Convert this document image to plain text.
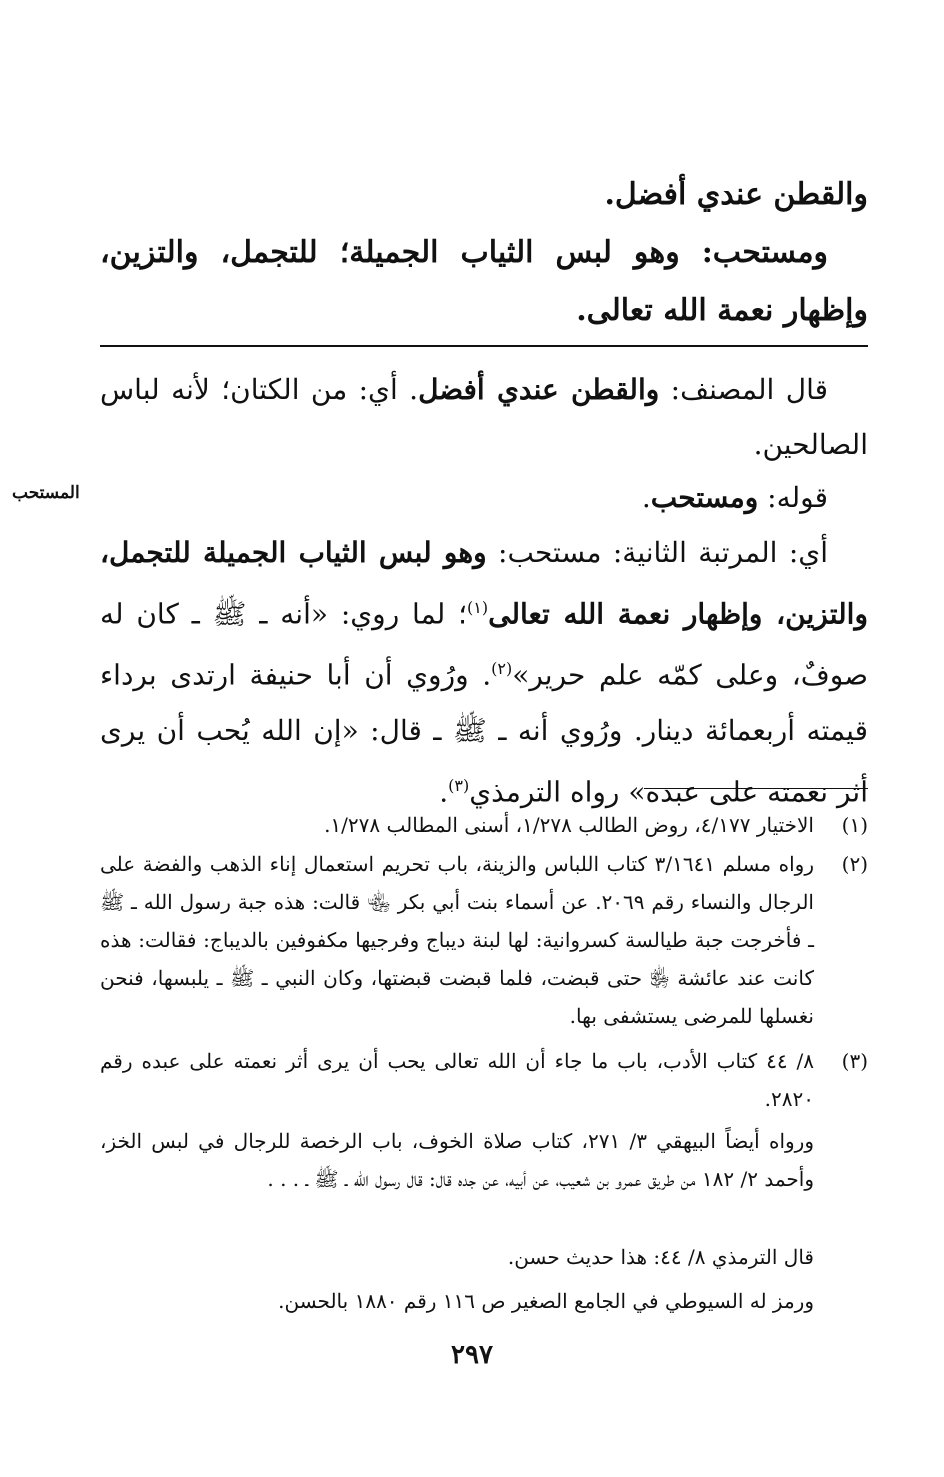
والقطن عندي أفضل.
ومستحب: وهو لبس الثياب الجميلة؛ للتجمل، والتزين، وإظهار نعمة الله تعالى.
قال المصنف: والقطن عندي أفضل. أي: من الكتان؛ لأنه لباس الصالحين.
قوله: ومستحب.
المستحب
أي: المرتبة الثانية: مستحب: وهو لبس الثياب الجميلة للتجمل، والتزين، وإظهار نعمة الله تعالى$^{(١)}$؛ لما روي: «أنه ـ ﷺ ـ كان له صوفٌ، وعلى كمّه علم حرير»$^{(٢)}$. ورُوي أن أبا حنيفة ارتدى برداء قيمته أربعمائة دينار. ورُوي أنه ـ ﷺ ـ قال: «إن الله يُحب أن يرى أثر نعمته على عبده» رواه الترمذي$^{(٣)}$.
(١)
الاختيار ٤/١٧٧، روض الطالب ١/٢٧٨، أسنى المطالب ١/٢٧٨.
(٢)
رواه مسلم ٣/١٦٤١ كتاب اللباس والزينة، باب تحريم استعمال إناء الذهب والفضة على الرجال والنساء رقم ٢٠٦٩. عن أسماء بنت أبي بكر ﵄ قالت: هذه جبة رسول الله ـ ﷺ ـ فأخرجت جبة طيالسة كسروانية: لها لبنة ديباج وفرجيها مكفوفين بالديباج: فقالت: هذه كانت عند عائشة ﵂ حتى قبضت، فلما قبضت قبضتها، وكان النبي ـ ﷺ ـ يلبسها، فنحن نغسلها للمرضى يستشفى بها.
(٣)
٨/ ٤٤ كتاب الأدب، باب ما جاء أن الله تعالى يحب أن يرى أثر نعمته على عبده رقم ٢٨٢٠.
ورواه أيضاً البيهقي ٣/ ٢٧١، كتاب صلاة الخوف، باب الرخصة للرجال في لبس الخز، وأحمد ٢/ ١٨٢ من طريق عمرو بن شعيب، عن أبيه، عن جده قال: قال رسول الله ـ ﷺ ـ . . .
قال الترمذي ٨/ ٤٤: هذا حديث حسن.
ورمز له السيوطي في الجامع الصغير ص ١١٦ رقم ١٨٨٠ بالحسن.
٢٩٧
